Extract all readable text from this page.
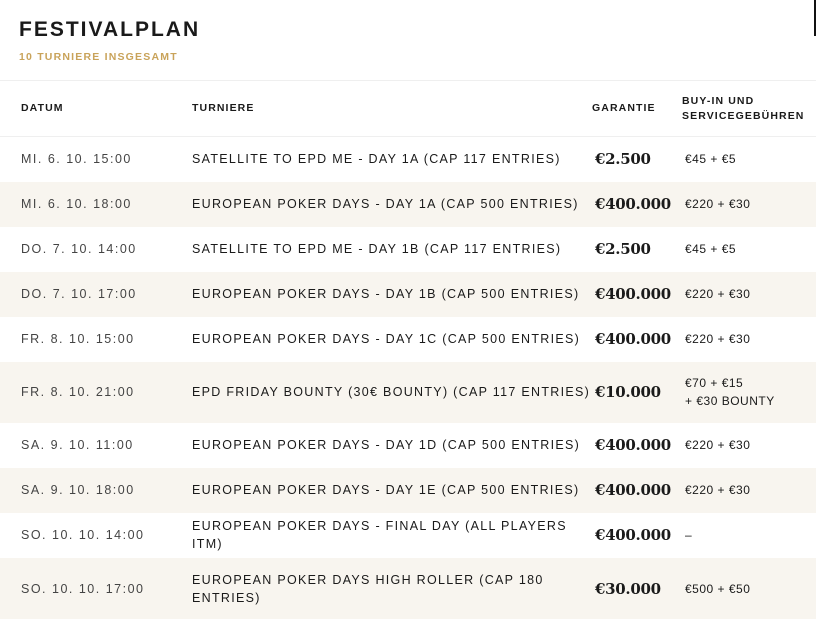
FESTIVALPLAN
10 TURNIERE INSGESAMT
DATUM	TURNIERE	GARANTIE	BUY-IN UND
SERVICEGEBÜHREN

MI. 6. 10. 15:00	SATELLITE TO EPD ME - DAY 1A (CAP 117 ENTRIES)	€2.500	€45 + €5

MI. 6. 10. 18:00	EUROPEAN POKER DAYS - DAY 1A (CAP 500 ENTRIES)	€400.000	€220 + €30

DO. 7. 10. 14:00	SATELLITE TO EPD ME - DAY 1B (CAP 117 ENTRIES)	€2.500	€45 + €5

DO. 7. 10. 17:00	EUROPEAN POKER DAYS - DAY 1B (CAP 500 ENTRIES)	€400.000	€220 + €30

FR. 8. 10. 15:00	EUROPEAN POKER DAYS - DAY 1C (CAP 500 ENTRIES)	€400.000	€220 + €30

FR. 8. 10. 21:00	EPD FRIDAY BOUNTY (30€ BOUNTY) (CAP 117 ENTRIES)	€10.000	€70 + €15
+ €30 BOUNTY

SA. 9. 10. 11:00	EUROPEAN POKER DAYS - DAY 1D (CAP 500 ENTRIES)	€400.000	€220 + €30

SA. 9. 10. 18:00	EUROPEAN POKER DAYS - DAY 1E (CAP 500 ENTRIES)	€400.000	€220 + €30

SO. 10. 10. 14:00	EUROPEAN POKER DAYS - FINAL DAY (ALL PLAYERS ITM)	€400.000	–

SO. 10. 10. 17:00	EUROPEAN POKER DAYS HIGH ROLLER (CAP 180 ENTRIES)	€30.000	€500 + €50
